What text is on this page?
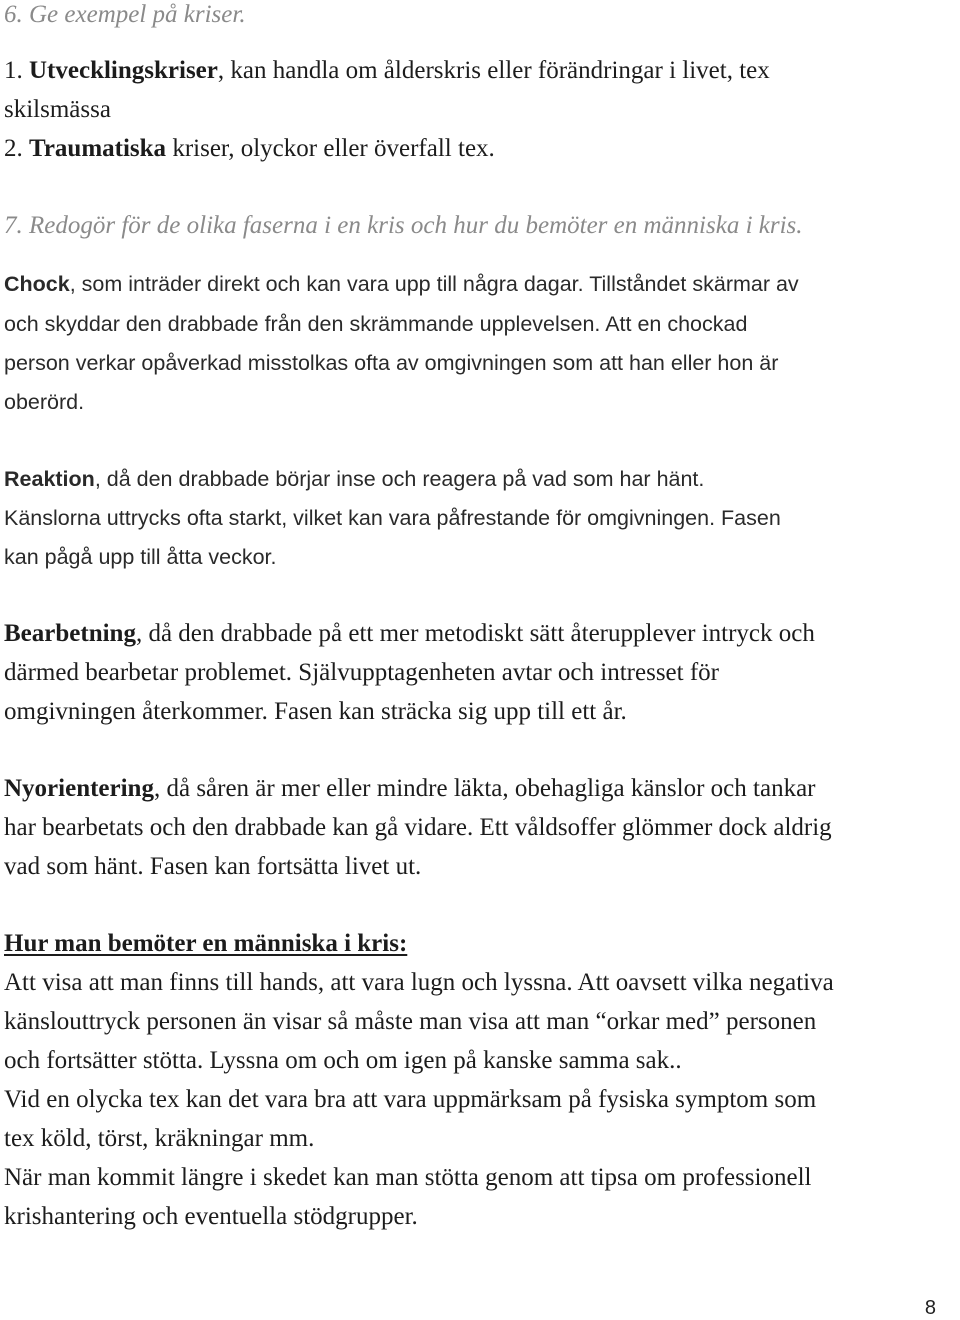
6. Ge exempel på kriser.
1. Utvecklingskriser, kan handla om ålderskris eller förändringar i livet, tex
skilsmässa
2. Traumatiska kriser, olyckor eller överfall tex.
7. Redogör för de olika faserna i en kris och hur du bemöter en människa i kris.
Chock, som inträder direkt och kan vara upp till några dagar. Tillståndet skärmar av
och skyddar den drabbade från den skrämmande upplevelsen. Att en chockad
person verkar opåverkad misstolkas ofta av omgivningen som att han eller hon är
oberörd.
Reaktion, då den drabbade börjar inse och reagera på vad som har hänt.
Känslorna uttrycks ofta starkt, vilket kan vara påfrestande för omgivningen. Fasen
kan pågå upp till åtta veckor.
Bearbetning, då den drabbade på ett mer metodiskt sätt återupplever intryck och
därmed bearbetar problemet. Självupptagenheten avtar och intresset för
omgivningen återkommer. Fasen kan sträcka sig upp till ett år.
Nyorientering, då såren är mer eller mindre läkta, obehagliga känslor och tankar
har bearbetats och den drabbade kan gå vidare. Ett våldsoffer glömmer dock aldrig
vad som hänt. Fasen kan fortsätta livet ut.
Hur man bemöter en människa i kris:
Att visa att man finns till hands, att vara lugn och lyssna. Att oavsett vilka negativa
känslouttryck personen än visar så måste man visa att man “orkar med” personen
och fortsätter stötta. Lyssna om och om igen på kanske samma sak..
Vid en olycka tex kan det vara bra att vara uppmärksam på fysiska symptom som
tex köld, törst, kräkningar mm.
När man kommit längre i skedet kan man stötta genom att tipsa om professionell
krishantering och eventuella stödgrupper.
8
